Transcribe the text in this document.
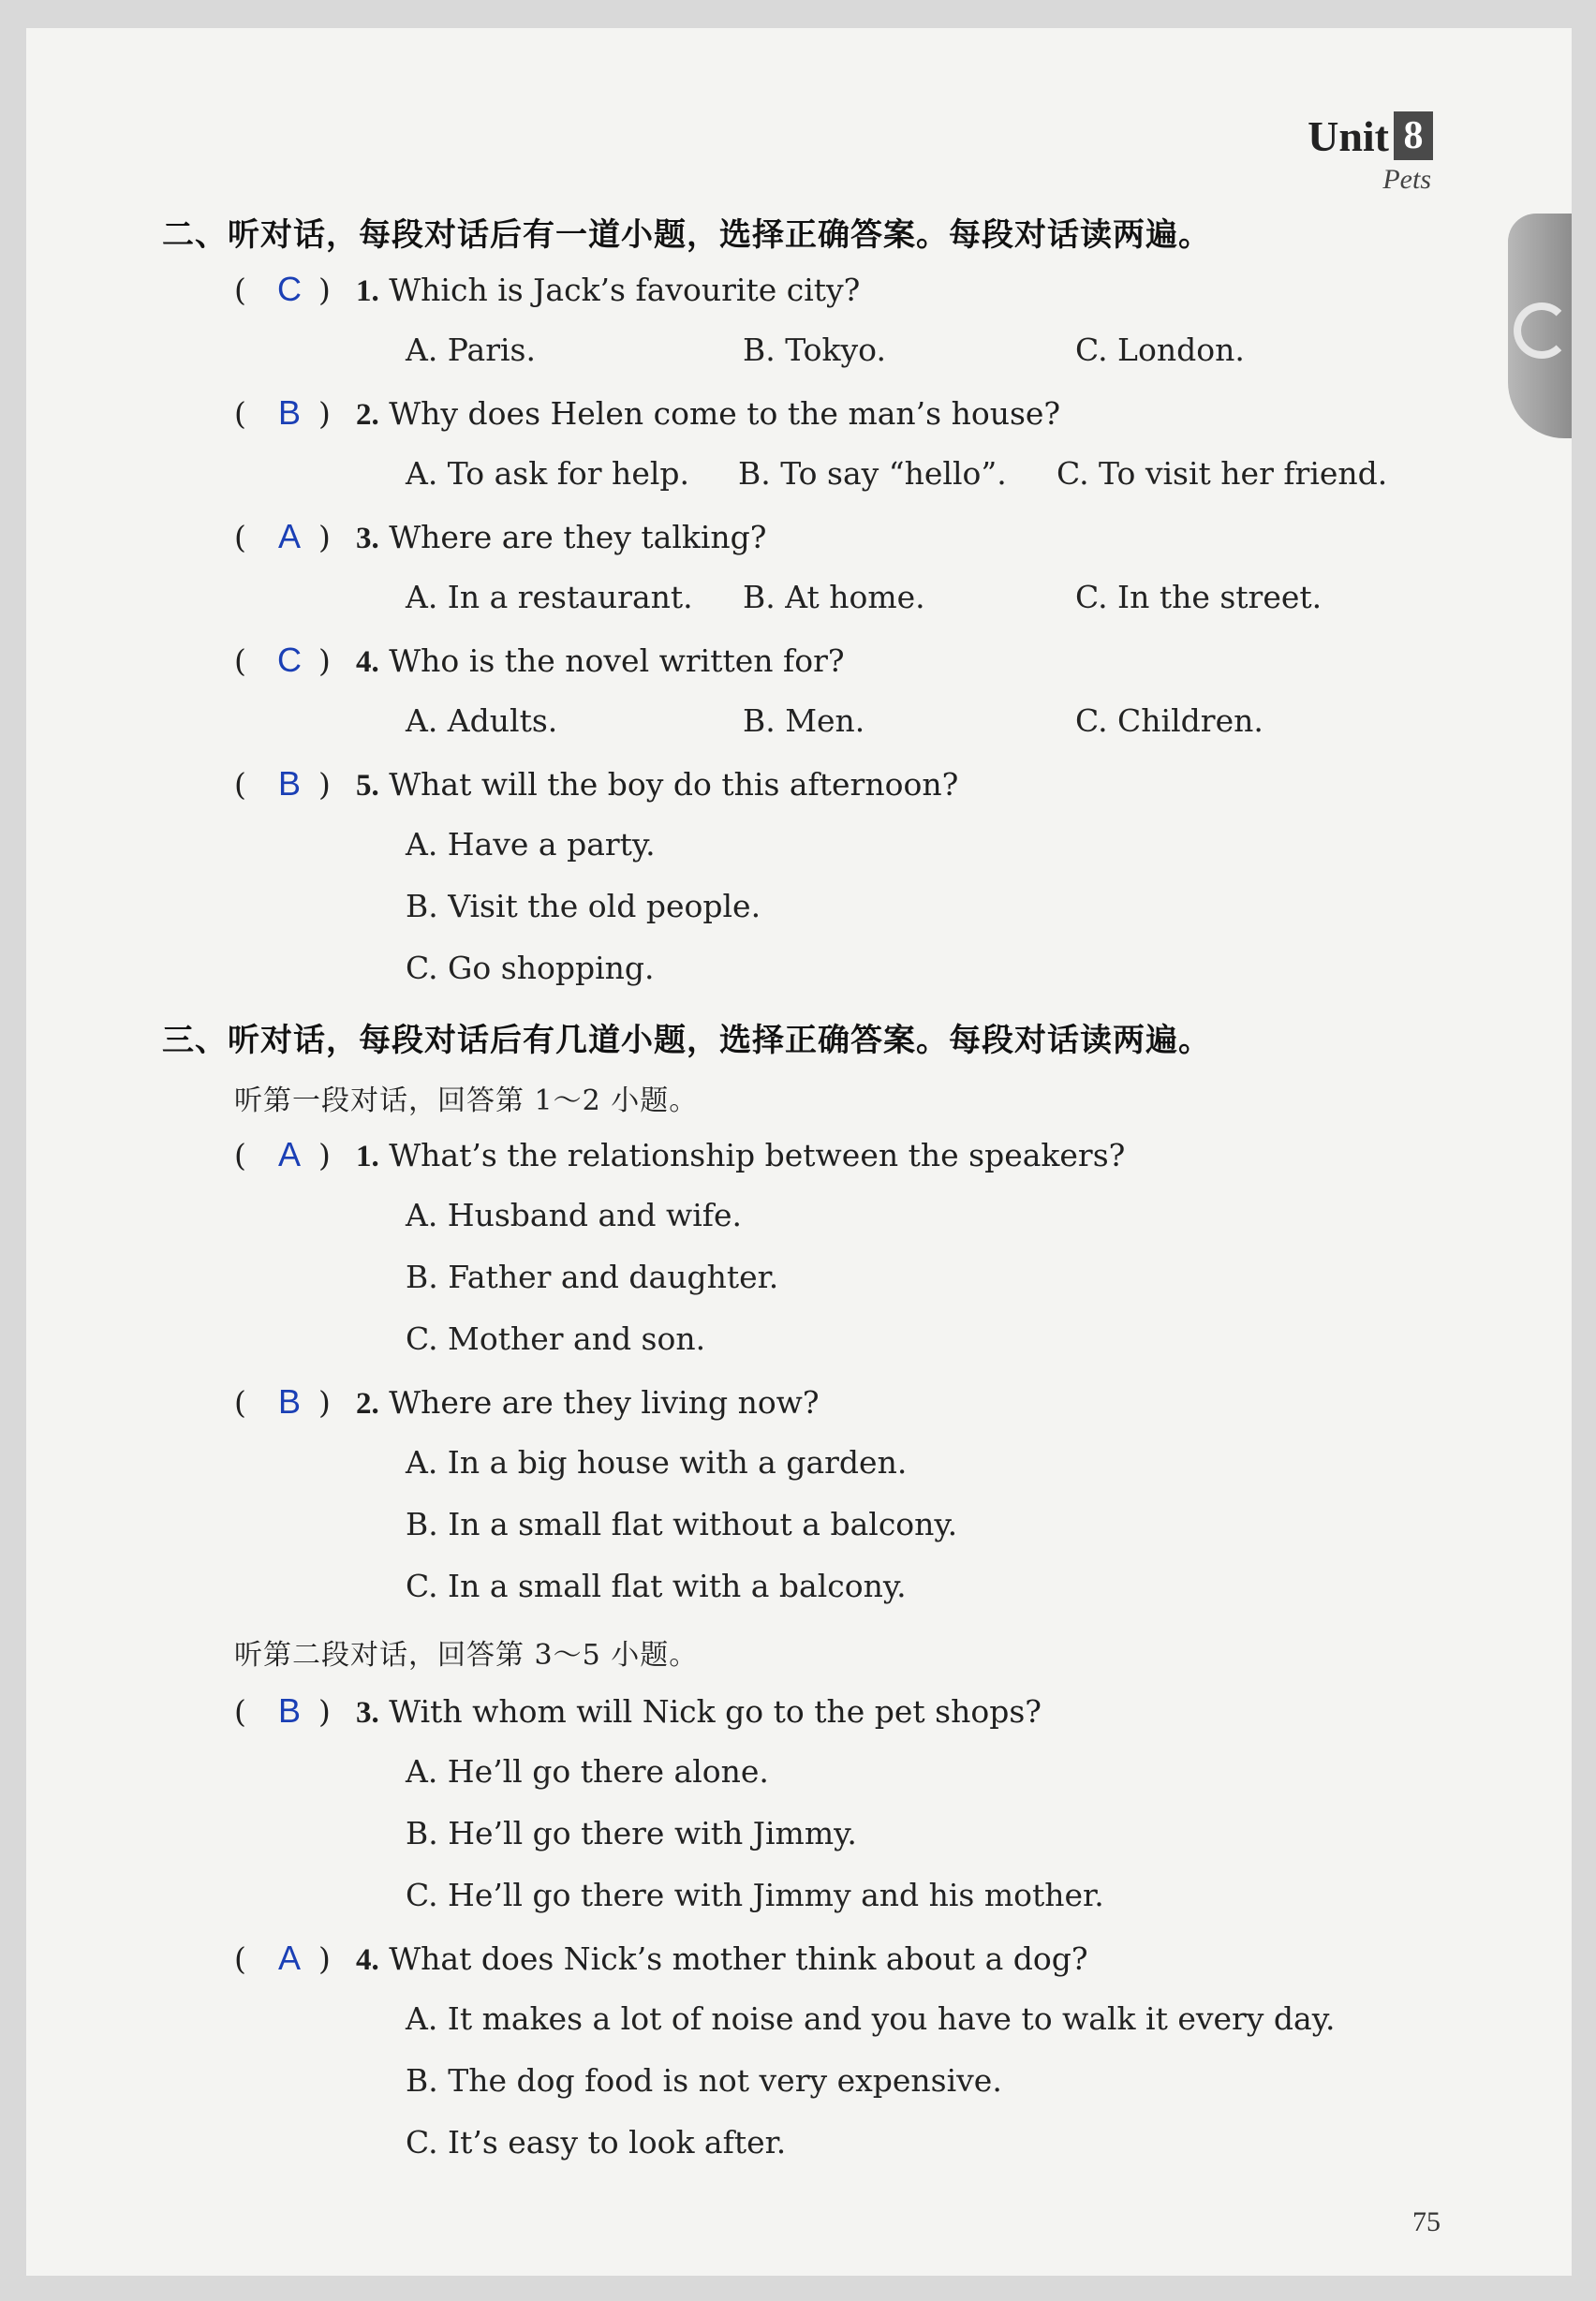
Unit 8
Pets
二、听对话，每段对话后有一道小题，选择正确答案。每段对话读两遍。
( C ) 1. Which is Jack’s favourite city?
A. Paris.	B. Tokyo.	C. London.
( B ) 2. Why does Helen come to the man’s house?
A. To ask for help. B. To say “hello”. C. To visit her friend.
( A ) 3. Where are they talking?
A. In a restaurant. B. At home.	C. In the street.
( C ) 4. Who is the novel written for?
A. Adults.	B. Men.	C. Children.
( B ) 5. What will the boy do this afternoon?
A. Have a party.
B. Visit the old people.
C. Go shopping.
三、听对话，每段对话后有几道小题，选择正确答案。每段对话读两遍。
听第一段对话，回答第 1～2 小题。
( A ) 1. What’s the relationship between the speakers?
A. Husband and wife.
B. Father and daughter.
C. Mother and son.
( B ) 2. Where are they living now?
A. In a big house with a garden.
B. In a small flat without a balcony.
C. In a small flat with a balcony.
听第二段对话，回答第 3～5 小题。
( B ) 3. With whom will Nick go to the pet shops?
A. He’ll go there alone.
B. He’ll go there with Jimmy.
C. He’ll go there with Jimmy and his mother.
( A ) 4. What does Nick’s mother think about a dog?
A. It makes a lot of noise and you have to walk it every day.
B. The dog food is not very expensive.
C. It’s easy to look after.
75
